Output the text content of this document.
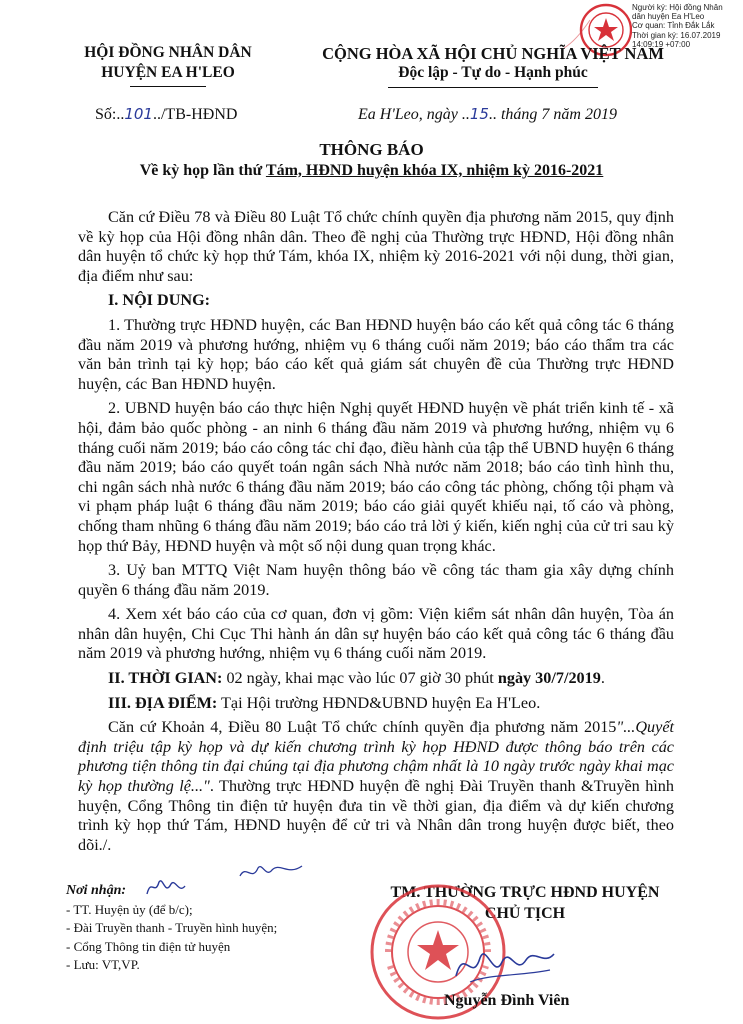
Người ký: Hội đồng Nhân
dân huyện Ea H'Leo
Cơ quan: Tỉnh Đắk Lắk
Thời gian ký: 16.07.2019
14:09:19 +07:00
HỘI ĐỒNG NHÂN DÂN
HUYỆN EA H'LEO
CỘNG HÒA XÃ HỘI CHỦ NGHĨA VIỆT NAM
Độc lập - Tự do - Hạnh phúc
Số:..101../TB-HĐND	Ea H'Leo, ngày ..15.. tháng 7 năm 2019
THÔNG BÁO
Về kỳ họp lần thứ Tám, HĐND huyện khóa IX, nhiệm kỳ 2016-2021

Căn cứ Điều 78 và Điều 80 Luật Tổ chức chính quyền địa phương năm 2015, quy định về kỳ họp của Hội đồng nhân dân. Theo đề nghị của Thường trực HĐND, Hội đồng nhân dân huyện tổ chức kỳ họp thứ Tám, khóa IX, nhiệm kỳ 2016-2021 với nội dung, thời gian, địa điểm như sau:

I. NỘI DUNG:

1. Thường trực HĐND huyện, các Ban HĐND huyện báo cáo kết quả công tác 6 tháng đầu năm 2019 và phương hướng, nhiệm vụ 6 tháng cuối năm 2019; báo cáo thẩm tra các văn bản trình tại kỳ họp; báo cáo kết quả giám sát chuyên đề của Thường trực HĐND huyện, các Ban HĐND huyện.

2. UBND huyện báo cáo thực hiện Nghị quyết HĐND huyện về phát triển kinh tế - xã hội, đảm bảo quốc phòng - an ninh 6 tháng đầu năm 2019 và phương hướng, nhiệm vụ 6 tháng cuối năm 2019; báo cáo công tác chỉ đạo, điều hành của tập thể UBND huyện 6 tháng đầu năm 2019; báo cáo quyết toán ngân sách Nhà nước năm 2018; báo cáo tình hình thu, chi ngân sách nhà nước 6 tháng đầu năm 2019; báo cáo công tác phòng, chống tội phạm và vi phạm pháp luật 6 tháng đầu năm 2019; báo cáo giải quyết khiếu nại, tố cáo và phòng, chống tham nhũng 6 tháng đầu năm 2019; báo cáo trả lời ý kiến, kiến nghị của cử tri sau kỳ họp thứ Bảy, HĐND huyện và một số nội dung quan trọng khác.

3. Uỷ ban MTTQ Việt Nam huyện thông báo về công tác tham gia xây dựng chính quyền 6 tháng đầu năm 2019.

4. Xem xét báo cáo của cơ quan, đơn vị gồm: Viện kiểm sát nhân dân huyện, Tòa án nhân dân huyện, Chi Cục Thi hành án dân sự huyện báo cáo kết quả công tác 6 tháng đầu năm 2019 và phương hướng, nhiệm vụ 6 tháng cuối năm 2019.

II. THỜI GIAN: 02 ngày, khai mạc vào lúc 07 giờ 30 phút ngày 30/7/2019.

III. ĐỊA ĐIỂM: Tại Hội trường HĐND&UBND huyện Ea H'Leo.

Căn cứ Khoản 4, Điều 80 Luật Tổ chức chính quyền địa phương năm 2015"...Quyết định triệu tập kỳ họp và dự kiến chương trình kỳ họp HĐND được thông báo trên các phương tiện thông tin đại chúng tại địa phương chậm nhất là 10 ngày trước ngày khai mạc kỳ họp thường lệ...". Thường trực HĐND huyện đề nghị Đài Truyền thanh &Truyền hình huyện, Cổng Thông tin điện tử huyện đưa tin về thời gian, địa điểm và dự kiến chương trình kỳ họp thứ Tám, HĐND huyện để cử tri và Nhân dân trong huyện được biết, theo dõi./.

Nơi nhận:
- TT. Huyện ủy (để b/c);
- Đài Truyền thanh - Truyền hình huyện;
- Cổng Thông tin điện tử huyện
- Lưu: VT,VP.
TM. THƯỜNG TRỰC HĐND HUYỆN
CHỦ TỊCH
Nguyễn Đình Viên
